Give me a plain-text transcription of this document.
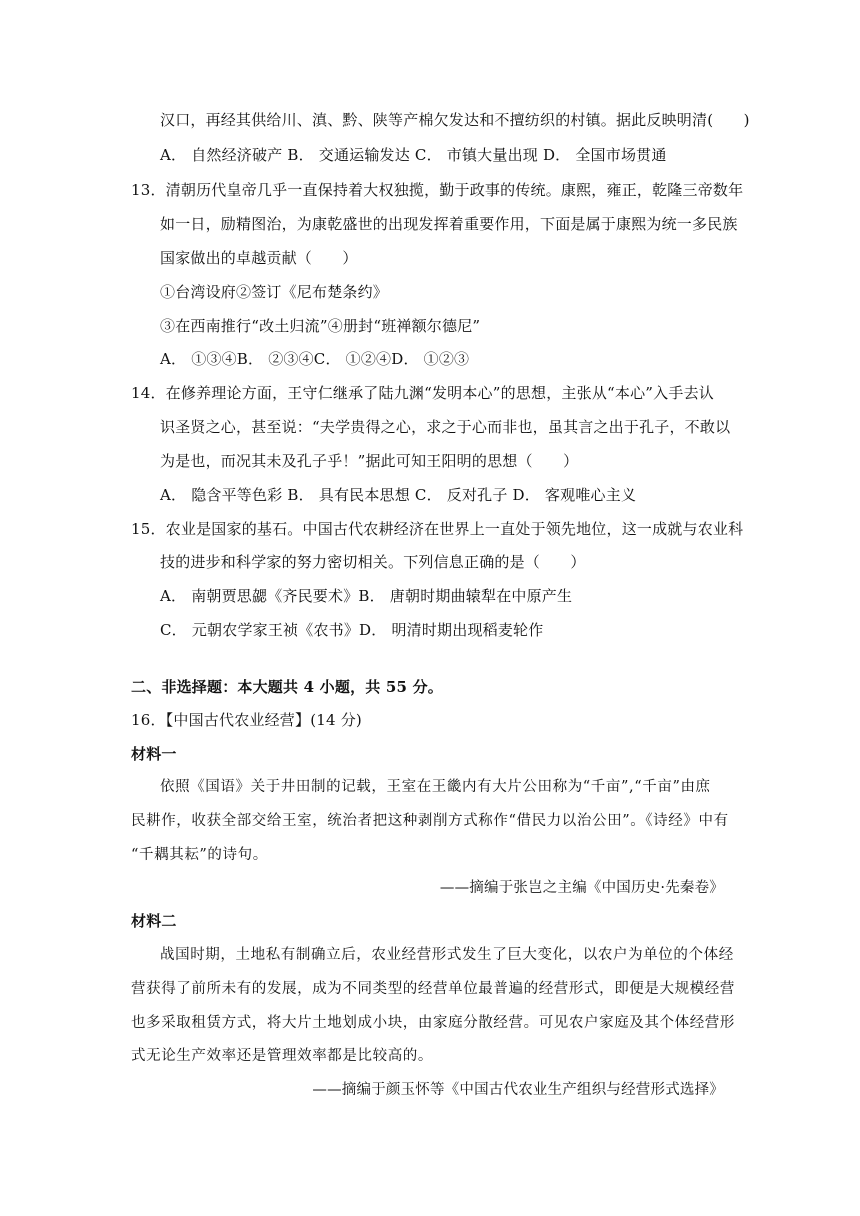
汉口，再经其供给川、滇、黔、陕等产棉欠发达和不擅纺织的村镇。据此反映明清(　　)
A． 自然经济破产 B． 交通运输发达 C． 市镇大量出现 D． 全国市场贯通
13．清朝历代皇帝几乎一直保持着大权独揽，勤于政事的传统。康熙，雍正，乾隆三帝数年
如一日，励精图治，为康乾盛世的出现发挥着重要作用，下面是属于康熙为统一多民族
国家做出的卓越贡献（　　）
①台湾设府②签订《尼布楚条约》
③在西南推行“改土归流”④册封“班禅额尔德尼”
A． ①③④B． ②③④C． ①②④D． ①②③
14．在修养理论方面，王守仁继承了陆九渊“发明本心”的思想，主张从“本心”入手去认
识圣贤之心，甚至说：“夫学贵得之心，求之于心而非也，虽其言之出于孔子，不敢以
为是也，而况其未及孔子乎！”据此可知王阳明的思想（　　）
A． 隐含平等色彩 B． 具有民本思想 C． 反对孔子 D． 客观唯心主义
15．农业是国家的基石。中国古代农耕经济在世界上一直处于领先地位，这一成就与农业科
技的进步和科学家的努力密切相关。下列信息正确的是（　　）
A． 南朝贾思勰《齐民要术》B． 唐朝时期曲辕犁在中原产生
C． 元朝农学家王祯《农书》D． 明清时期出现稻麦轮作
二、非选择题：本大题共 4 小题，共 55 分。
16．【中国古代农业经营】(14 分)
材料一
依照《国语》关于井田制的记载，王室在王畿内有大片公田称为“千亩”,“千亩”由庶
民耕作，收获全部交给王室，统治者把这种剥削方式称作“借民力以治公田”。《诗经》中有
“千耦其耘”的诗句。
——摘编于张岂之主编《中国历史·先秦卷》
材料二
战国时期，土地私有制确立后，农业经营形式发生了巨大变化，以农户为单位的个体经
营获得了前所未有的发展，成为不同类型的经营单位最普遍的经营形式，即便是大规模经营
也多采取租赁方式，将大片土地划成小块，由家庭分散经营。可见农户家庭及其个体经营形
式无论生产效率还是管理效率都是比较高的。
——摘编于颜玉怀等《中国古代农业生产组织与经营形式选择》
